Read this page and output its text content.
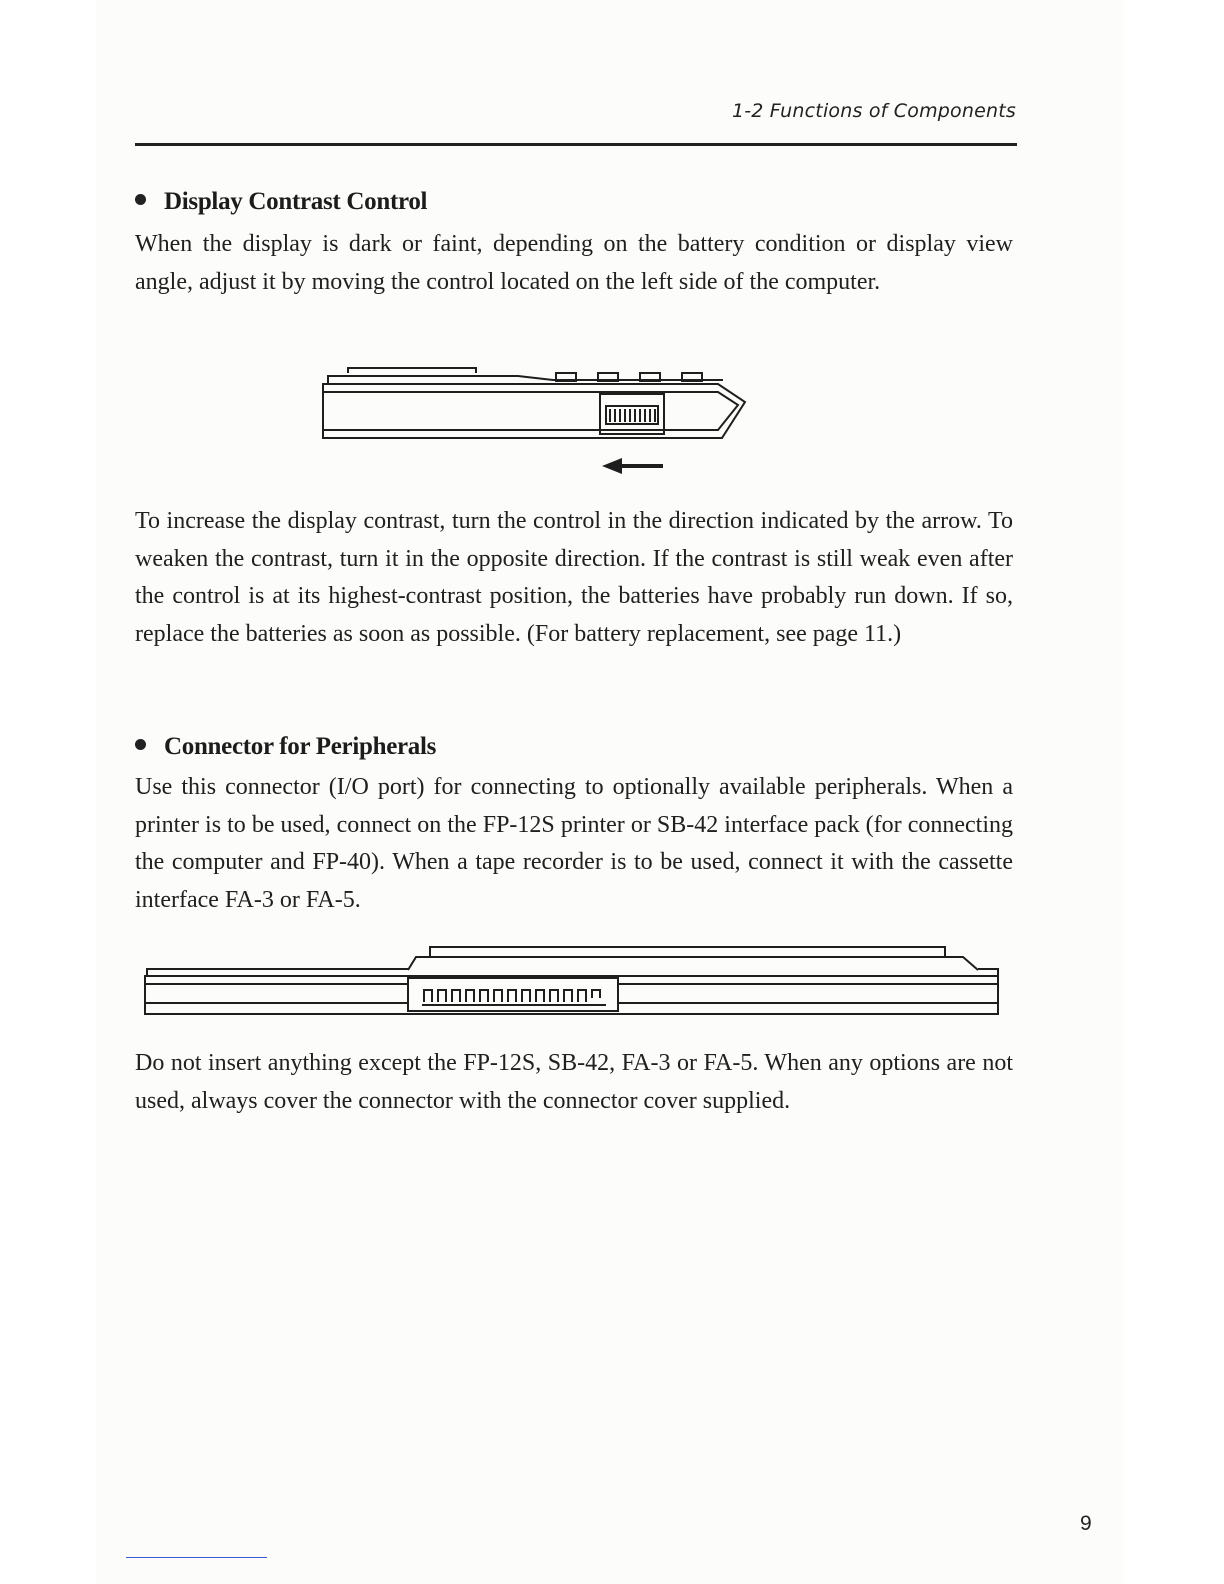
1-2 Functions of Components
Display Contrast Control
When the display is dark or faint, depending on the battery condition or display view angle, adjust it by moving the control located on the left side of the computer.
To increase the display contrast, turn the control in the direction indicated by the arrow. To weaken the contrast, turn it in the opposite direction. If the contrast is still weak even after the control is at its highest-contrast position, the batteries have probably run down. If so, replace the batteries as soon as possible. (For battery replacement, see page 11.)
Connector for Peripherals
Use this connector (I/O port) for connecting to optionally available peripherals. When a printer is to be used, connect on the FP-12S printer or SB-42 interface pack (for connecting the computer and FP-40). When a tape recorder is to be used, connect it with the cassette interface FA-3 or FA-5.
Do not insert anything except the FP-12S, SB-42, FA-3 or FA-5. When any options are not used, always cover the connector with the connector cover supplied.
9
